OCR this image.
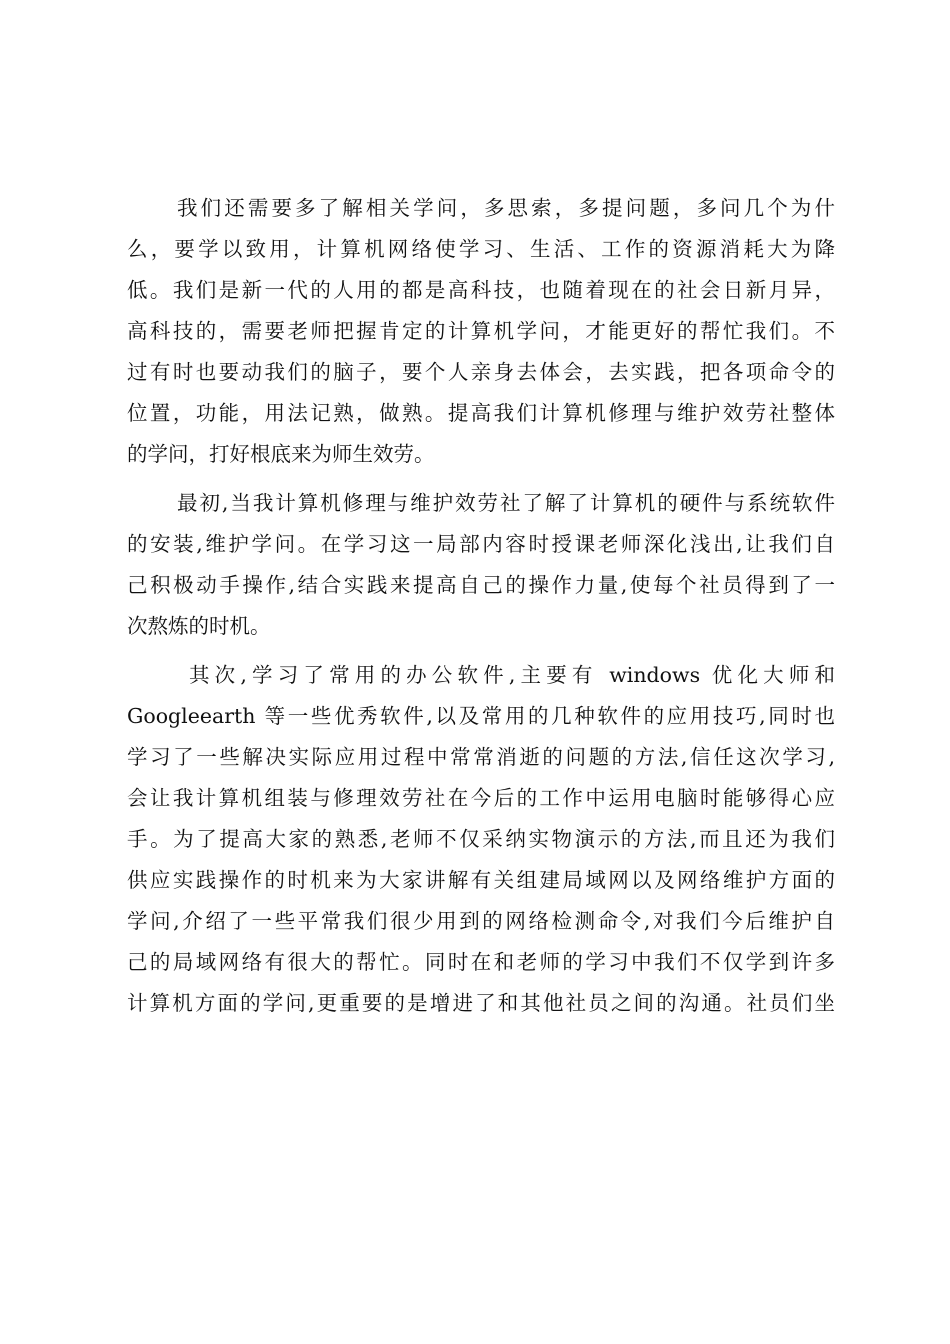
我们还需要多了解相关学问，多思索，多提问题，多问几个为什
么，要学以致用，计算机网络使学习、生活、工作的资源消耗大为降
低。我们是新一代的人用的都是高科技，也随着现在的社会日新月异，
高科技的，需要老师把握肯定的计算机学问，才能更好的帮忙我们。不
过有时也要动我们的脑子，要个人亲身去体会，去实践，把各项命令的
位置，功能，用法记熟，做熟。提高我们计算机修理与维护效劳社整体
的学问，打好根底来为师生效劳。
最初,当我计算机修理与维护效劳社了解了计算机的硬件与系统软件
的安装,维护学问。在学习这一局部内容时授课老师深化浅出,让我们自
己积极动手操作,结合实践来提高自己的操作力量,使每个社员得到了一
次熬炼的时机。
其次,学习了常用的办公软件,主要有 windows 优化大师和
Googleearth 等一些优秀软件,以及常用的几种软件的应用技巧,同时也
学习了一些解决实际应用过程中常常消逝的问题的方法,信任这次学习,
会让我计算机组装与修理效劳社在今后的工作中运用电脑时能够得心应
手。为了提高大家的熟悉,老师不仅采纳实物演示的方法,而且还为我们
供应实践操作的时机来为大家讲解有关组建局域网以及网络维护方面的
学问,介绍了一些平常我们很少用到的网络检测命令,对我们今后维护自
己的局域网络有很大的帮忙。同时在和老师的学习中我们不仅学到许多
计算机方面的学问,更重要的是增进了和其他社员之间的沟通。社员们坐
